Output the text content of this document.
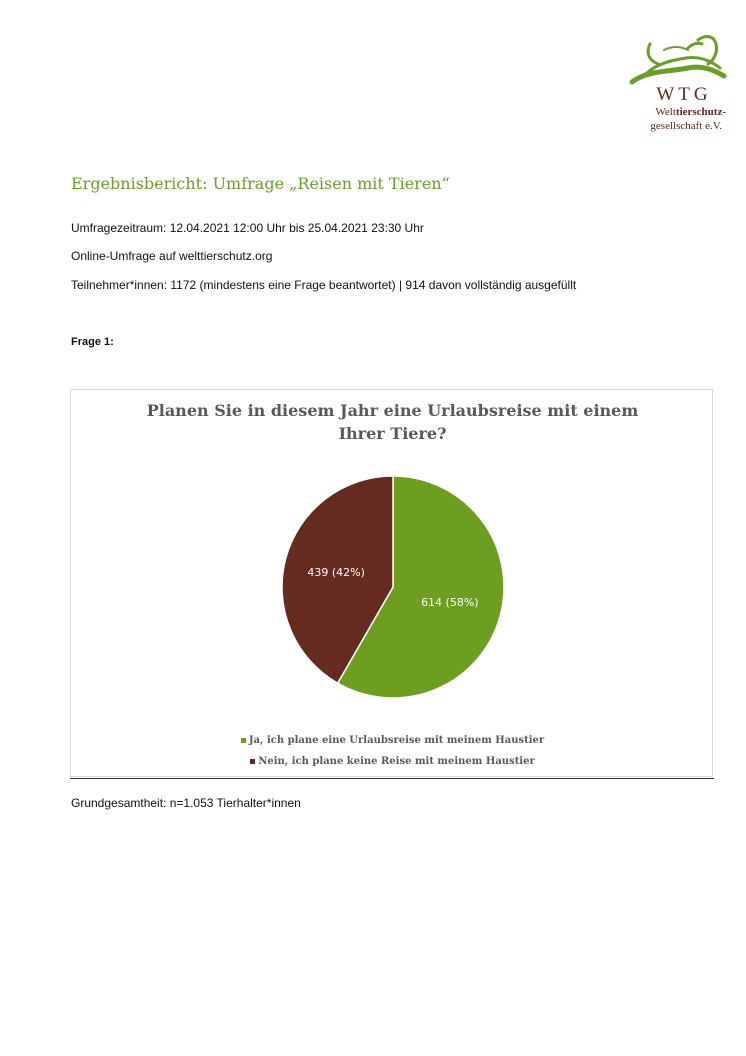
WTG
Welttierschutz-
gesellschaft e.V.
Ergebnisbericht: Umfrage „Reisen mit Tieren“
Umfragezeitraum: 12.04.2021 12:00 Uhr bis 25.04.2021 23:30 Uhr
Online-Umfrage auf welttierschutz.org
Teilnehmer*innen: 1172 (mindestens eine Frage beantwortet) | 914 davon vollständig ausgefüllt
Frage 1:
Planen Sie in diesem Jahr eine Urlaubsreise mit einem
Ihrer Tiere?
614 (58%)
439 (42%)
Ja, ich plane eine Urlaubsreise mit meinem Haustier
Nein, ich plane keine Reise mit meinem Haustier
Grundgesamtheit: n=1.053 Tierhalter*innen
